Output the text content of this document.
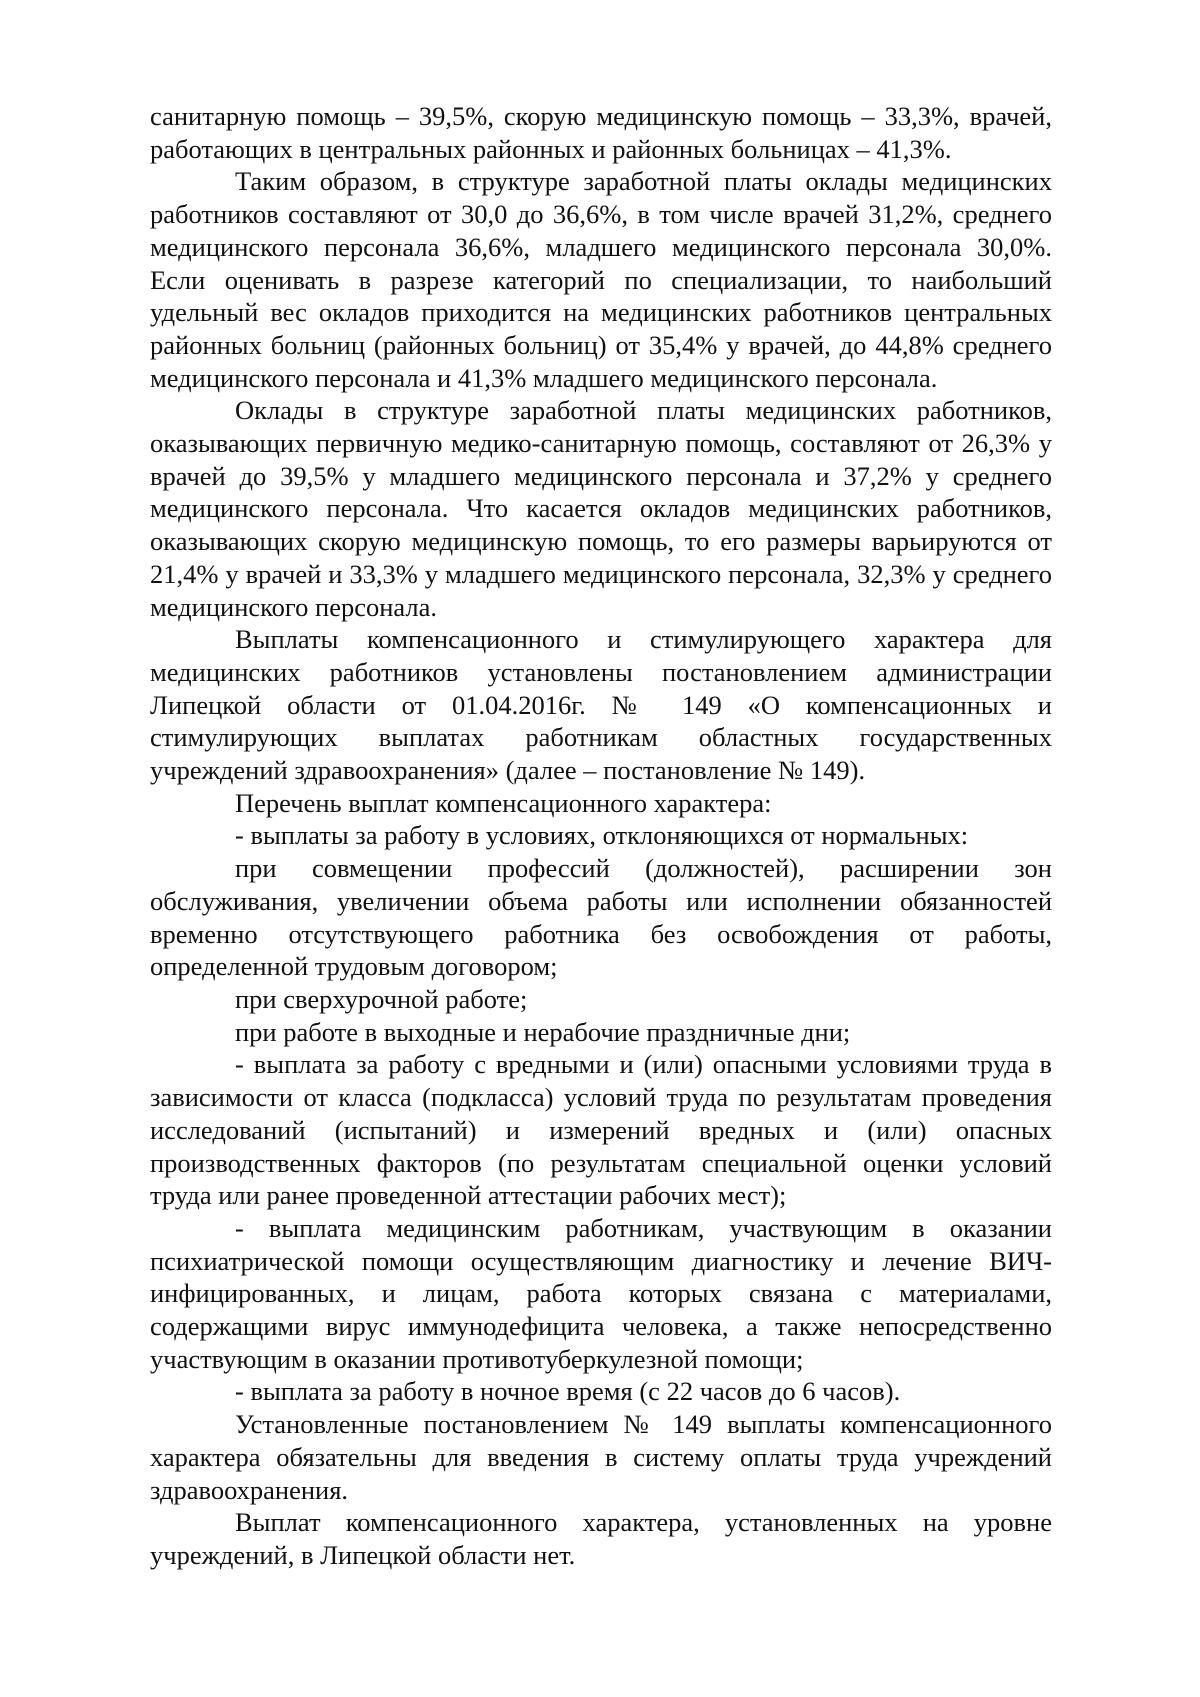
санитарную помощь – 39,5%, скорую медицинскую помощь – 33,3%, врачей, работающих в центральных районных и районных больницах – 41,3%.

Таким образом, в структуре заработной платы оклады медицинских работников составляют от 30,0 до 36,6%, в том числе врачей 31,2%, среднего медицинского персонала 36,6%, младшего медицинского персонала 30,0%. Если оценивать в разрезе категорий по специализации, то наибольший удельный вес окладов приходится на медицинских работников центральных районных больниц (районных больниц) от 35,4% у врачей, до 44,8% среднего медицинского персонала и 41,3% младшего медицинского персонала.

Оклады в структуре заработной платы медицинских работников, оказывающих первичную медико-санитарную помощь, составляют от 26,3% у врачей до 39,5% у младшего медицинского персонала и 37,2% у среднего медицинского персонала. Что касается окладов медицинских работников, оказывающих скорую медицинскую помощь, то его размеры варьируются от 21,4% у врачей и 33,3% у младшего медицинского персонала, 32,3% у среднего медицинского персонала.

Выплаты компенсационного и стимулирующего характера для медицинских работников установлены постановлением администрации Липецкой области от 01.04.2016г. № 149 «О компенсационных и стимулирующих выплатах работникам областных государственных учреждений здравоохранения» (далее – постановление № 149).

Перечень выплат компенсационного характера:

- выплаты за работу в условиях, отклоняющихся от нормальных:

при совмещении профессий (должностей), расширении зон обслуживания, увеличении объема работы или исполнении обязанностей временно отсутствующего работника без освобождения от работы, определенной трудовым договором;

при сверхурочной работе;

при работе в выходные и нерабочие праздничные дни;

- выплата за работу с вредными и (или) опасными условиями труда в зависимости от класса (подкласса) условий труда по результатам проведения исследований (испытаний) и измерений вредных и (или) опасных производственных факторов (по результатам специальной оценки условий труда или ранее проведенной аттестации рабочих мест);

- выплата медицинским работникам, участвующим в оказании психиатрической помощи осуществляющим диагностику и лечение ВИЧ-инфицированных, и лицам, работа которых связана с материалами, содержащими вирус иммунодефицита человека, а также непосредственно участвующим в оказании противотуберкулезной помощи;

- выплата за работу в ночное время (с 22 часов до 6 часов).

Установленные постановлением № 149 выплаты компенсационного характера обязательны для введения в систему оплаты труда учреждений здравоохранения.

Выплат компенсационного характера, установленных на уровне учреждений, в Липецкой области нет.
